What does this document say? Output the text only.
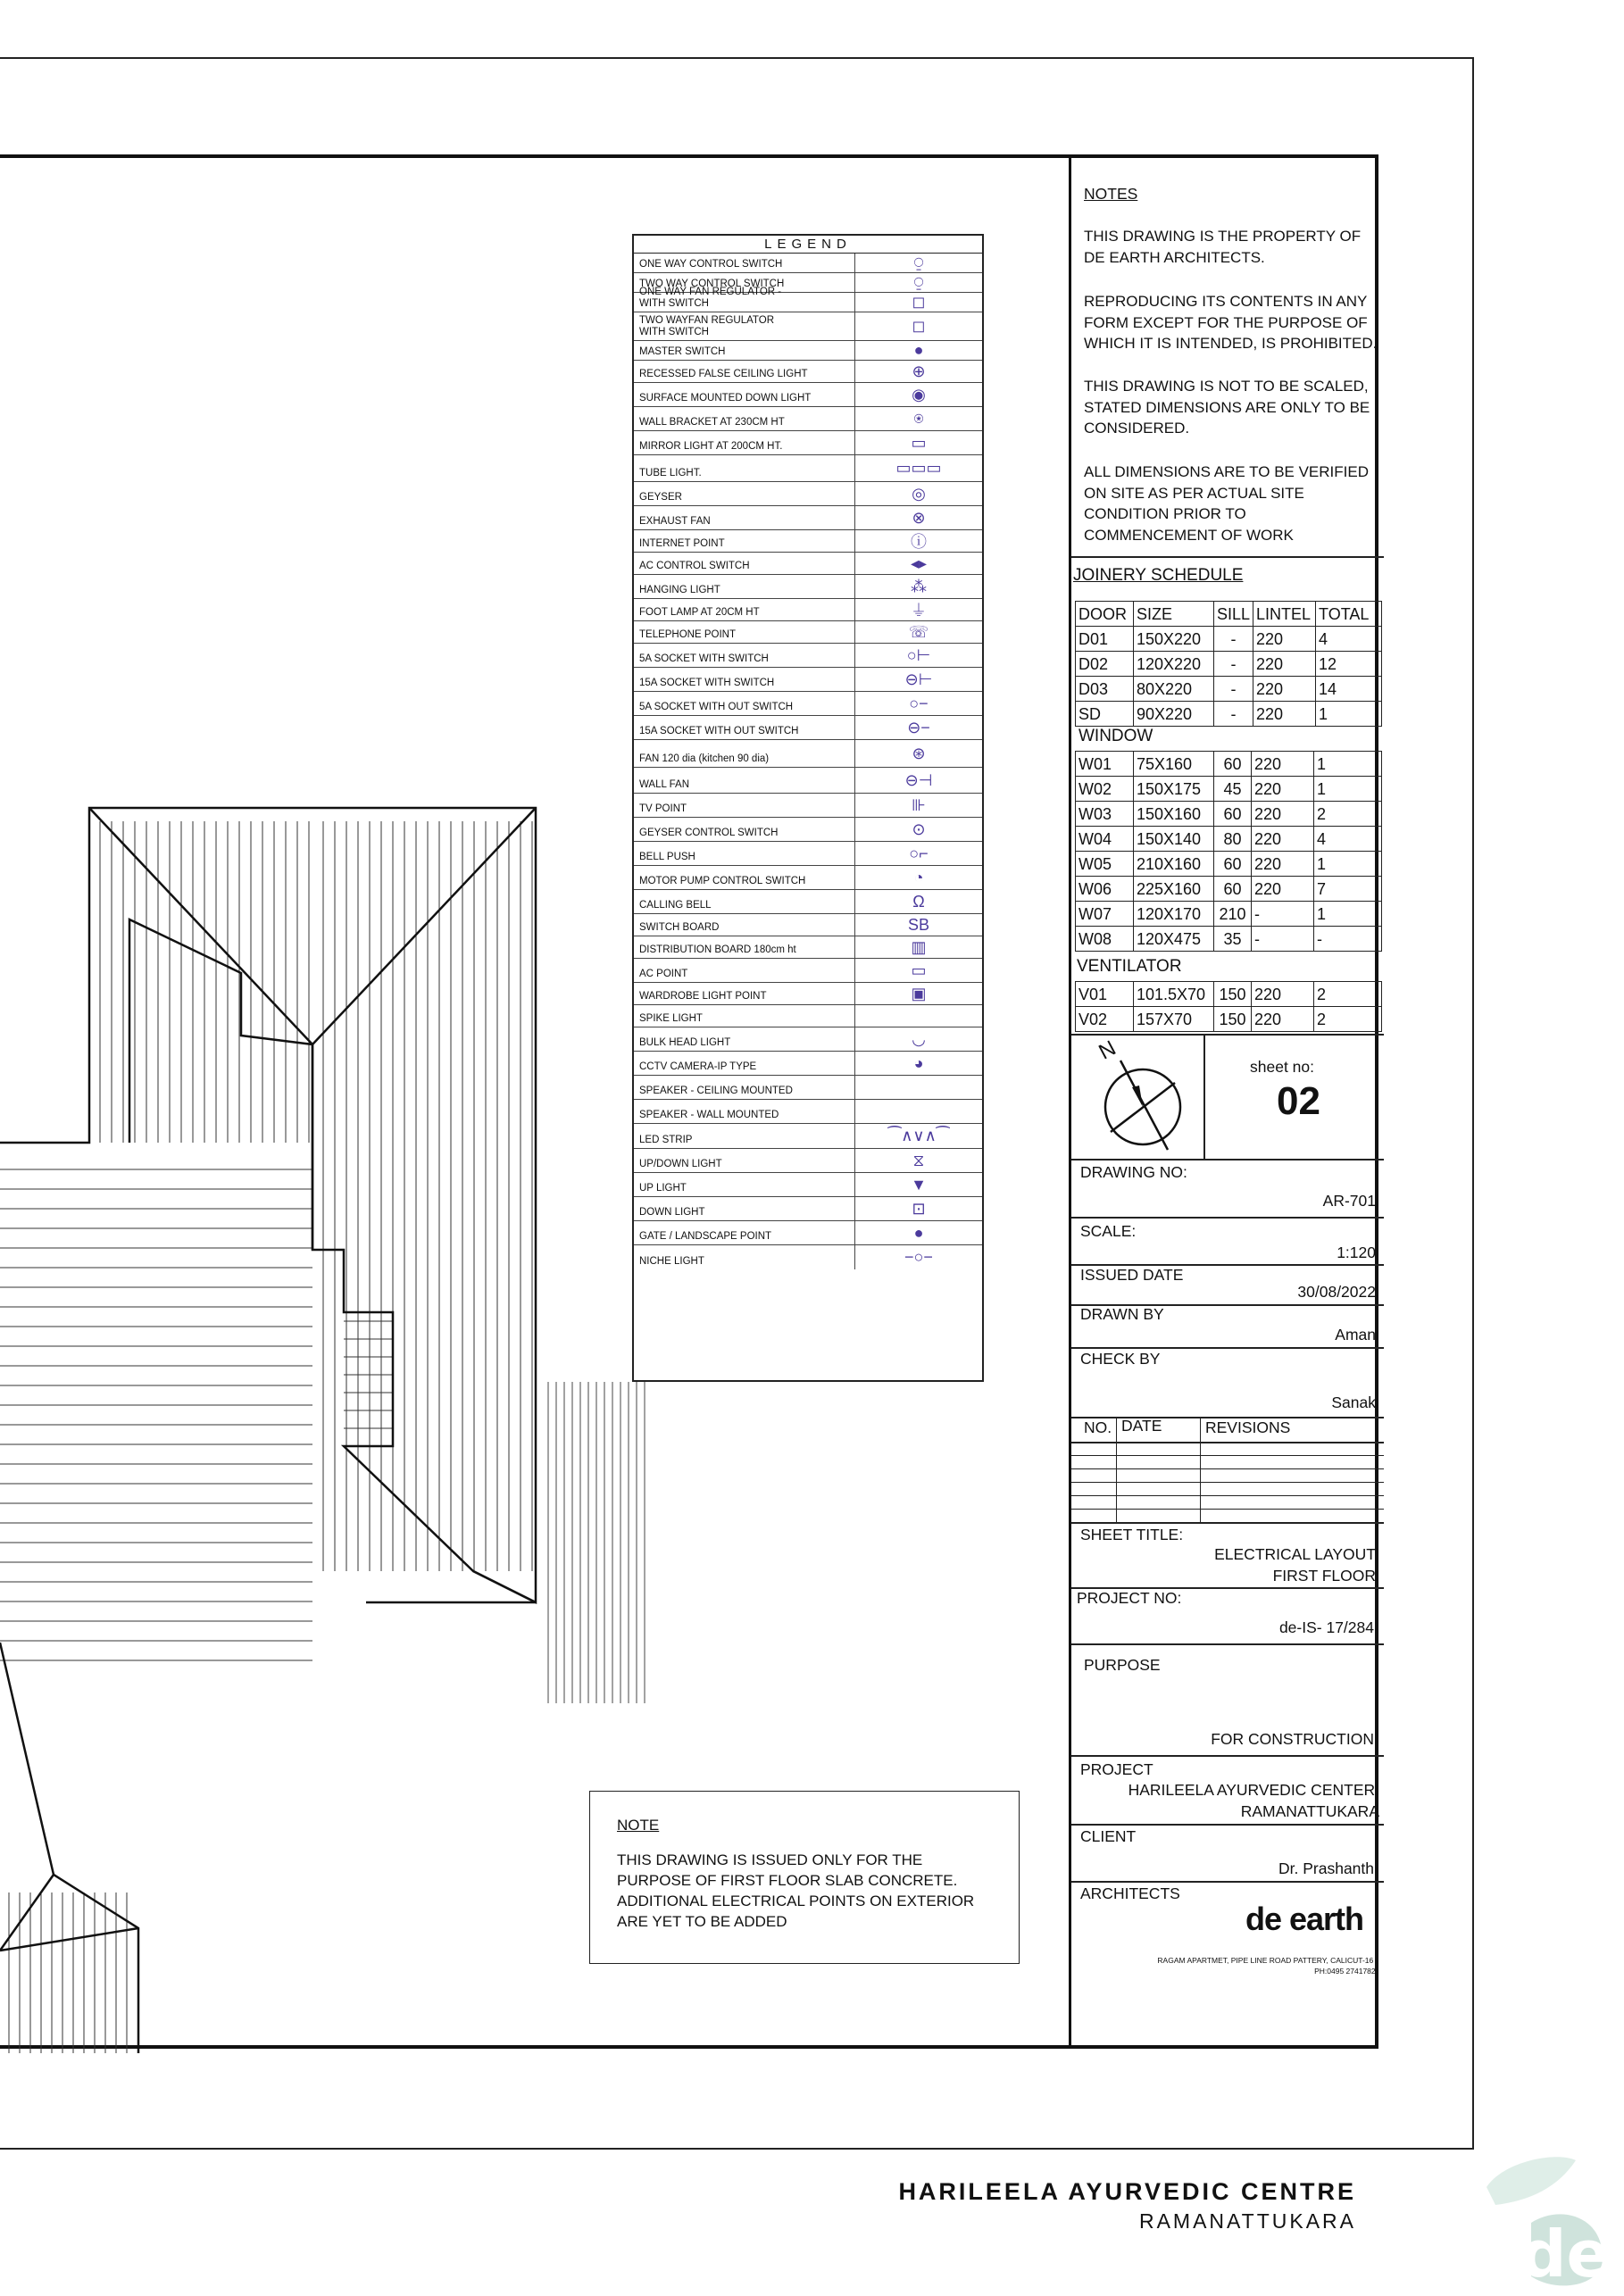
LEGEND
ONE WAY CONTROL SWITCH	⍜
TWO WAY CONTROL SWITCH	⍜
ONE WAY FAN REGULATOR -
WITH SWITCH	◻
TWO WAYFAN REGULATOR
WITH SWITCH	◻
MASTER SWITCH	●
RECESSED FALSE CEILING LIGHT	⊕
SURFACE MOUNTED DOWN LIGHT	◉
WALL BRACKET AT 230CM HT	⍟
MIRROR LIGHT AT 200CM HT.	▭
TUBE LIGHT.	▭▭▭
GEYSER	◎
EXHAUST FAN	⊗
INTERNET POINT	ⓘ
AC CONTROL SWITCH	◂▸
HANGING LIGHT	⁂
FOOT LAMP AT 20CM HT	⏚
TELEPHONE POINT	☏
5A SOCKET WITH SWITCH	○⊢
15A SOCKET WITH SWITCH	⊖⊢
5A SOCKET WITH OUT SWITCH	○−
15A SOCKET WITH OUT SWITCH	⊖−
FAN 120 dia (kitchen 90 dia)	⊛
WALL FAN	⊖⊣
TV POINT	⊪
GEYSER CONTROL SWITCH	⊙
BELL PUSH	○⌐
MOTOR PUMP CONTROL SWITCH	◔
CALLING BELL	Ω
SWITCH BOARD	SB
DISTRIBUTION BOARD 180cm ht	▥
AC POINT	▭
WARDROBE LIGHT POINT	▣
SPIKE LIGHT
BULK HEAD LIGHT	◡
CCTV CAMERA-IP TYPE	◕
SPEAKER - CEILING MOUNTED
SPEAKER - WALL MOUNTED
LED STRIP	⁀∧∨∧⁀
UP/DOWN LIGHT	⧖
UP LIGHT	▼
DOWN LIGHT	⊡
GATE / LANDSCAPE POINT	●
NICHE LIGHT	−○−
NOTES
THIS DRAWING IS THE PROPERTY OF DE EARTH ARCHITECTS.
REPRODUCING ITS CONTENTS IN ANY FORM EXCEPT FOR THE PURPOSE OF WHICH IT IS INTENDED, IS PROHIBITED.
THIS DRAWING IS NOT TO BE SCALED, STATED DIMENSIONS ARE ONLY TO BE CONSIDERED.
ALL DIMENSIONS ARE TO BE VERIFIED ON SITE AS PER ACTUAL SITE CONDITION PRIOR TO COMMENCEMENT OF WORK
JOINERY SCHEDULE
DOOR	SIZE	SILL	LINTEL	TOTAL
D01	150X220	-	220	4
D02	120X220	-	220	12
D03	80X220	-	220	14
SD	90X220	-	220	1
WINDOW
W01	75X160	60	220	1
W02	150X175	45	220	1
W03	150X160	60	220	2
W04	150X140	80	220	4
W05	210X160	60	220	1
W06	225X160	60	220	7
W07	120X170	210	-	1
W08	120X475	35	-	-
VENTILATOR
V01	101.5X70	150	220	2
V02	157X70	150	220	2
N
sheet no:
02
DRAWING NO:
AR-701
SCALE:
1:120
ISSUED DATE
30/08/2022
DRAWN BY
Aman
CHECK BY
Sanak
NO. DATE	REVISIONS
SHEET TITLE:
ELECTRICAL LAYOUT
FIRST FLOOR
PROJECT NO:
de-IS- 17/284
PURPOSE
FOR CONSTRUCTION
PROJECT
HARILEELA AYURVEDIC CENTER,
RAMANATTUKARA
CLIENT
Dr. Prashanth
ARCHITECTS
de earth
RAGAM APARTMET, PIPE LINE ROAD PATTERY, CALICUT-16 ,
PH:0495 2741782.
NOTE
THIS DRAWING IS ISSUED ONLY FOR THE PURPOSE OF FIRST FLOOR SLAB CONCRETE. ADDITIONAL ELECTRICAL POINTS ON EXTERIOR ARE YET TO BE ADDED
HARILEELA AYURVEDIC CENTRE
RAMANATTUKARA	de
